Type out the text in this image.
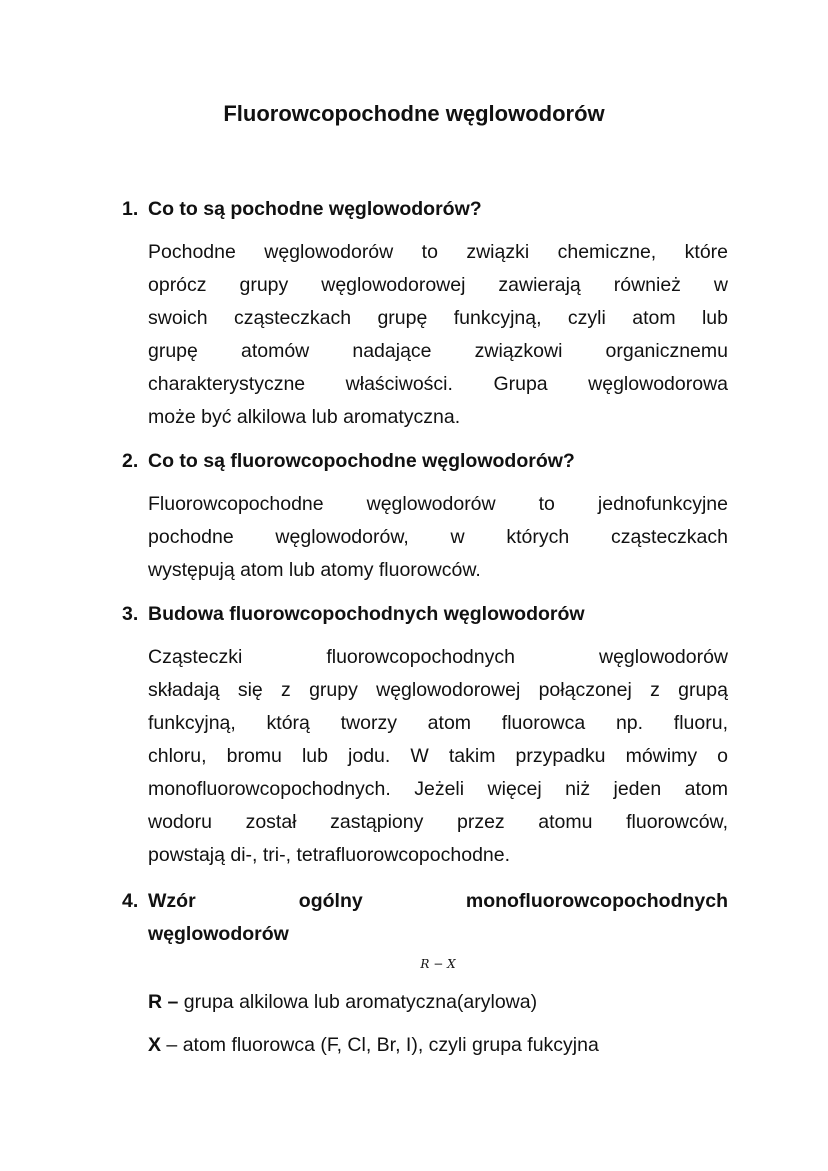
Fluorowcopochodne węglowodorów
1. Co to są pochodne węglowodorów?
Pochodne węglowodorów to związki chemiczne, które
oprócz grupy węglowodorowej zawierają również w
swoich cząsteczkach grupę funkcyjną, czyli atom lub
grupę atomów nadające związkowi organicznemu
charakterystyczne właściwości. Grupa węglowodorowa
może być alkilowa lub aromatyczna.
2. Co to są fluorowcopochodne węglowodorów?
Fluorowcopochodne węglowodorów to jednofunkcyjne
pochodne węglowodorów, w których cząsteczkach
występują atom lub atomy fluorowców.
3. Budowa fluorowcopochodnych węglowodorów
Cząsteczki fluorowcopochodnych węglowodorów
składają się z grupy węglowodorowej połączonej z grupą
funkcyjną, którą tworzy atom fluorowca np. fluoru,
chloru, bromu lub jodu. W takim przypadku mówimy o
monofluorowcopochodnych. Jeżeli więcej niż jeden atom
wodoru został zastąpiony przez atomu fluorowców,
powstają di-, tri-, tetrafluorowcopochodne.
4. Wzór ogólny monofluorowcopochodnych
węglowodorów
R − X
R – grupa alkilowa lub aromatyczna(arylowa)
X – atom fluorowca (F, Cl, Br, I), czyli grupa fukcyjna
